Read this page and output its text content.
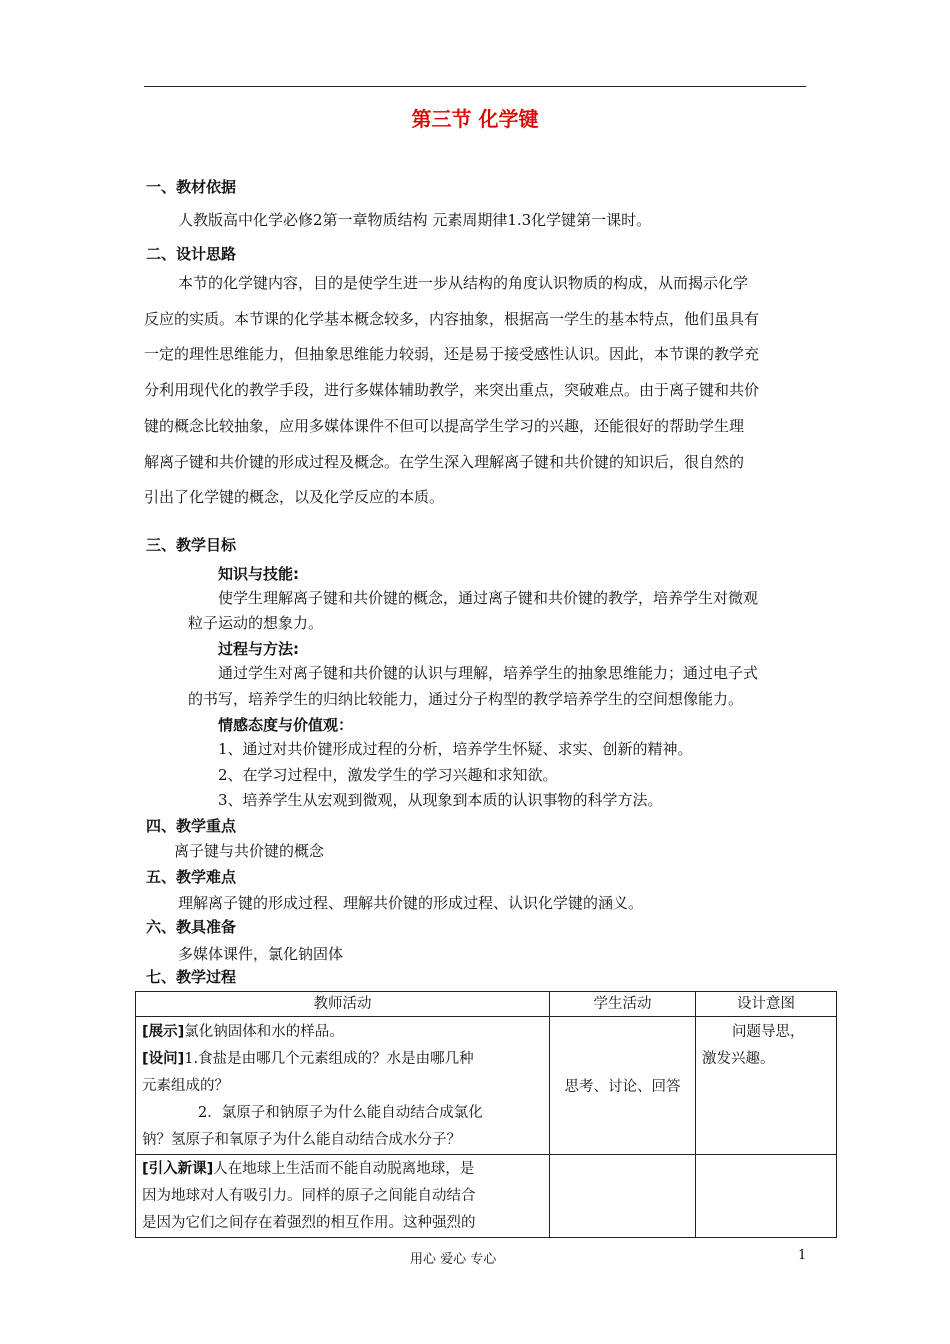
第三节 化学键
一、教材依据
人教版高中化学必修2第一章物质结构 元素周期律1.3化学键第一课时。
二、设计思路
本节的化学键内容，目的是使学生进一步从结构的角度认识物质的构成，从而揭示化学
反应的实质。本节课的化学基本概念较多，内容抽象，根据高一学生的基本特点，他们虽具有
一定的理性思维能力，但抽象思维能力较弱，还是易于接受感性认识。因此，本节课的教学充
分利用现代化的教学手段，进行多媒体辅助教学，来突出重点，突破难点。由于离子键和共价
键的概念比较抽象，应用多媒体课件不但可以提高学生学习的兴趣，还能很好的帮助学生理
解离子键和共价键的形成过程及概念。在学生深入理解离子键和共价键的知识后，很自然的
引出了化学键的概念，以及化学反应的本质。
三、教学目标
知识与技能:
使学生理解离子键和共价键的概念，通过离子键和共价键的教学，培养学生对微观
粒子运动的想象力。
过程与方法:
通过学生对离子键和共价键的认识与理解，培养学生的抽象思维能力；通过电子式
的书写，培养学生的归纳比较能力，通过分子构型的教学培养学生的空间想像能力。
情感态度与价值观：
1、通过对共价键形成过程的分析，培养学生怀疑、求实、创新的精神。
2、在学习过程中，激发学生的学习兴趣和求知欲。
3、培养学生从宏观到微观，从现象到本质的认识事物的科学方法。
四、教学重点
离子键与共价键的概念
五、教学难点
理解离子键的形成过程、理解共价键的形成过程、认识化学键的涵义。
六、教具准备
多媒体课件，氯化钠固体
七、教学过程
教师活动	学生活动	设计意图

[展示]氯化钠固体和水的样品。
[设问]1.食盐是由哪几个元素组成的？水是由哪几种
元素组成的？
2．氯原子和钠原子为什么能自动结合成氯化
钠？氢原子和氧原子为什么能自动结合成水分子？	思考、讨论、回答	问题导思，
激发兴趣。

[引入新课]人在地球上生活而不能自动脱离地球，是
因为地球对人有吸引力。同样的原子之间能自动结合
是因为它们之间存在着强烈的相互作用。这种强烈的		

用心 爱心 专心	1
